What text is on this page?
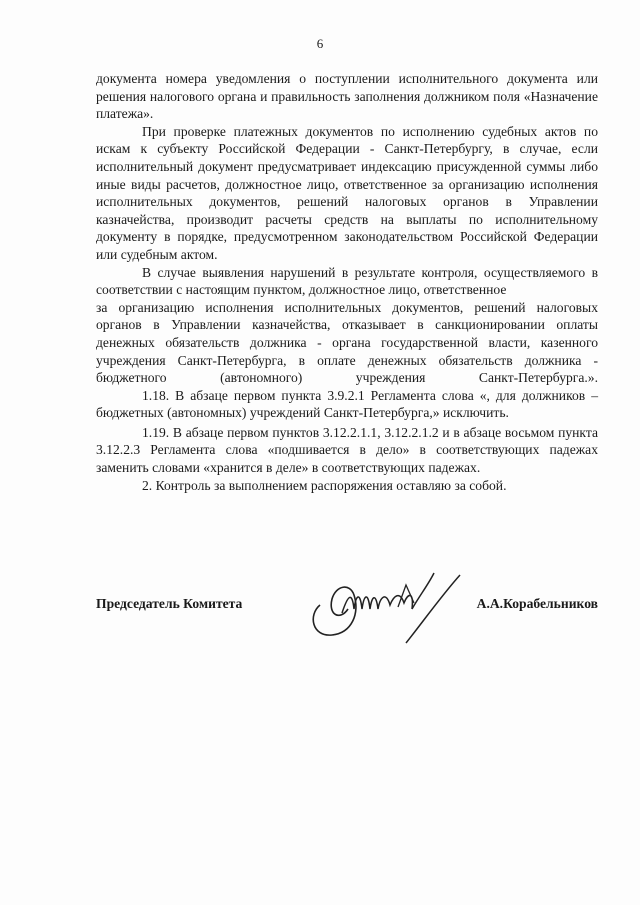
6

документа номера уведомления о поступлении исполнительного документа или решения налогового органа и правильность заполнения должником поля «Назначение платежа».

При проверке платежных документов по исполнению судебных актов по искам к субъекту Российской Федерации - Санкт-Петербургу, в случае, если исполнительный документ предусматривает индексацию присужденной суммы либо иные виды расчетов, должностное лицо, ответственное за организацию исполнения исполнительных документов, решений налоговых органов в Управлении казначейства, производит расчеты средств на выплаты по исполнительному документу в порядке, предусмотренном законодательством Российской Федерации или судебным актом.

В случае выявления нарушений в результате контроля, осуществляемого в соответствии с настоящим пунктом, должностное лицо, ответственное

за организацию исполнения исполнительных документов, решений налоговых органов в Управлении казначейства, отказывает в санкционировании оплаты денежных обязательств должника - органа государственной власти, казенного учреждения Санкт-Петербурга, в оплате денежных обязательств должника - бюджетного (автономного) учреждения Санкт-Петербурга.».

1.18. В абзаце первом пункта 3.9.2.1 Регламента слова «, для должников – бюджетных (автономных) учреждений Санкт-Петербурга,» исключить.

1.19. В абзаце первом пунктов 3.12.2.1.1, 3.12.2.1.2 и в абзаце восьмом пункта 3.12.2.3 Регламента слова «подшивается в дело» в соответствующих падежах заменить словами «хранится в деле» в соответствующих падежах.

2. Контроль за выполнением распоряжения оставляю за собой.

Председатель Комитета	А.А.Корабельников
